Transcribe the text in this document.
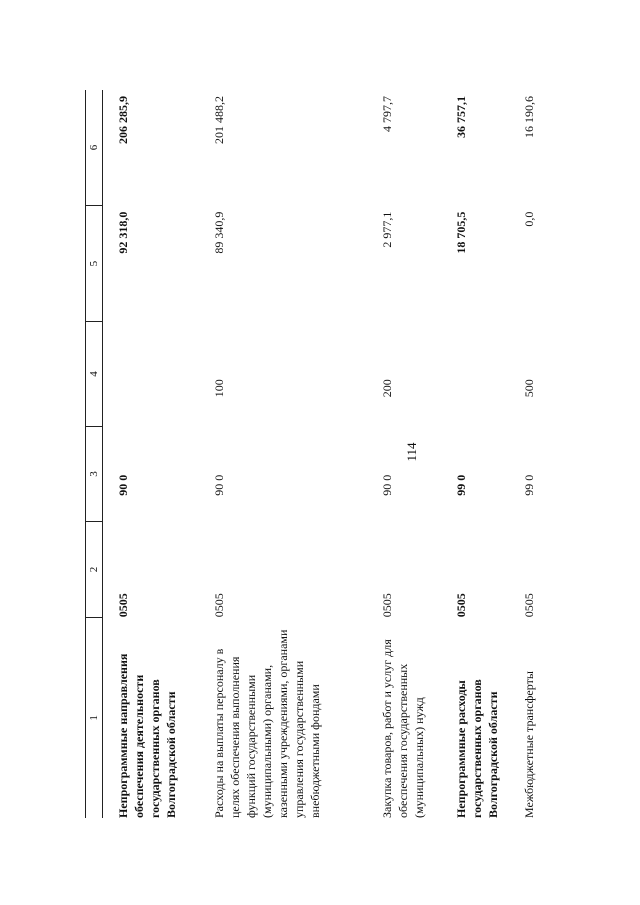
114
1	2	3	4	5	6

Непрограммные направления обеспечения деятельности государственных органов Волгоградской области	0505	90 0		92 318,0	206 285,9
Расходы на выплаты персоналу в целях обеспечения выполнения функций государственными (муниципальными) органами, казенными учреждениями, органами управления государственными внебюджетными фондами	0505	90 0	100	89 340,9	201 488,2
Закупка товаров, работ и услуг для обеспечения государственных (муниципальных) нужд	0505	90 0	200	2 977,1	4 797,7
Непрограммные расходы государственных органов Волгоградской области	0505	99 0		18 705,5	36 757,1
Межбюджетные трансферты	0505	99 0	500	0,0	16 190,6
